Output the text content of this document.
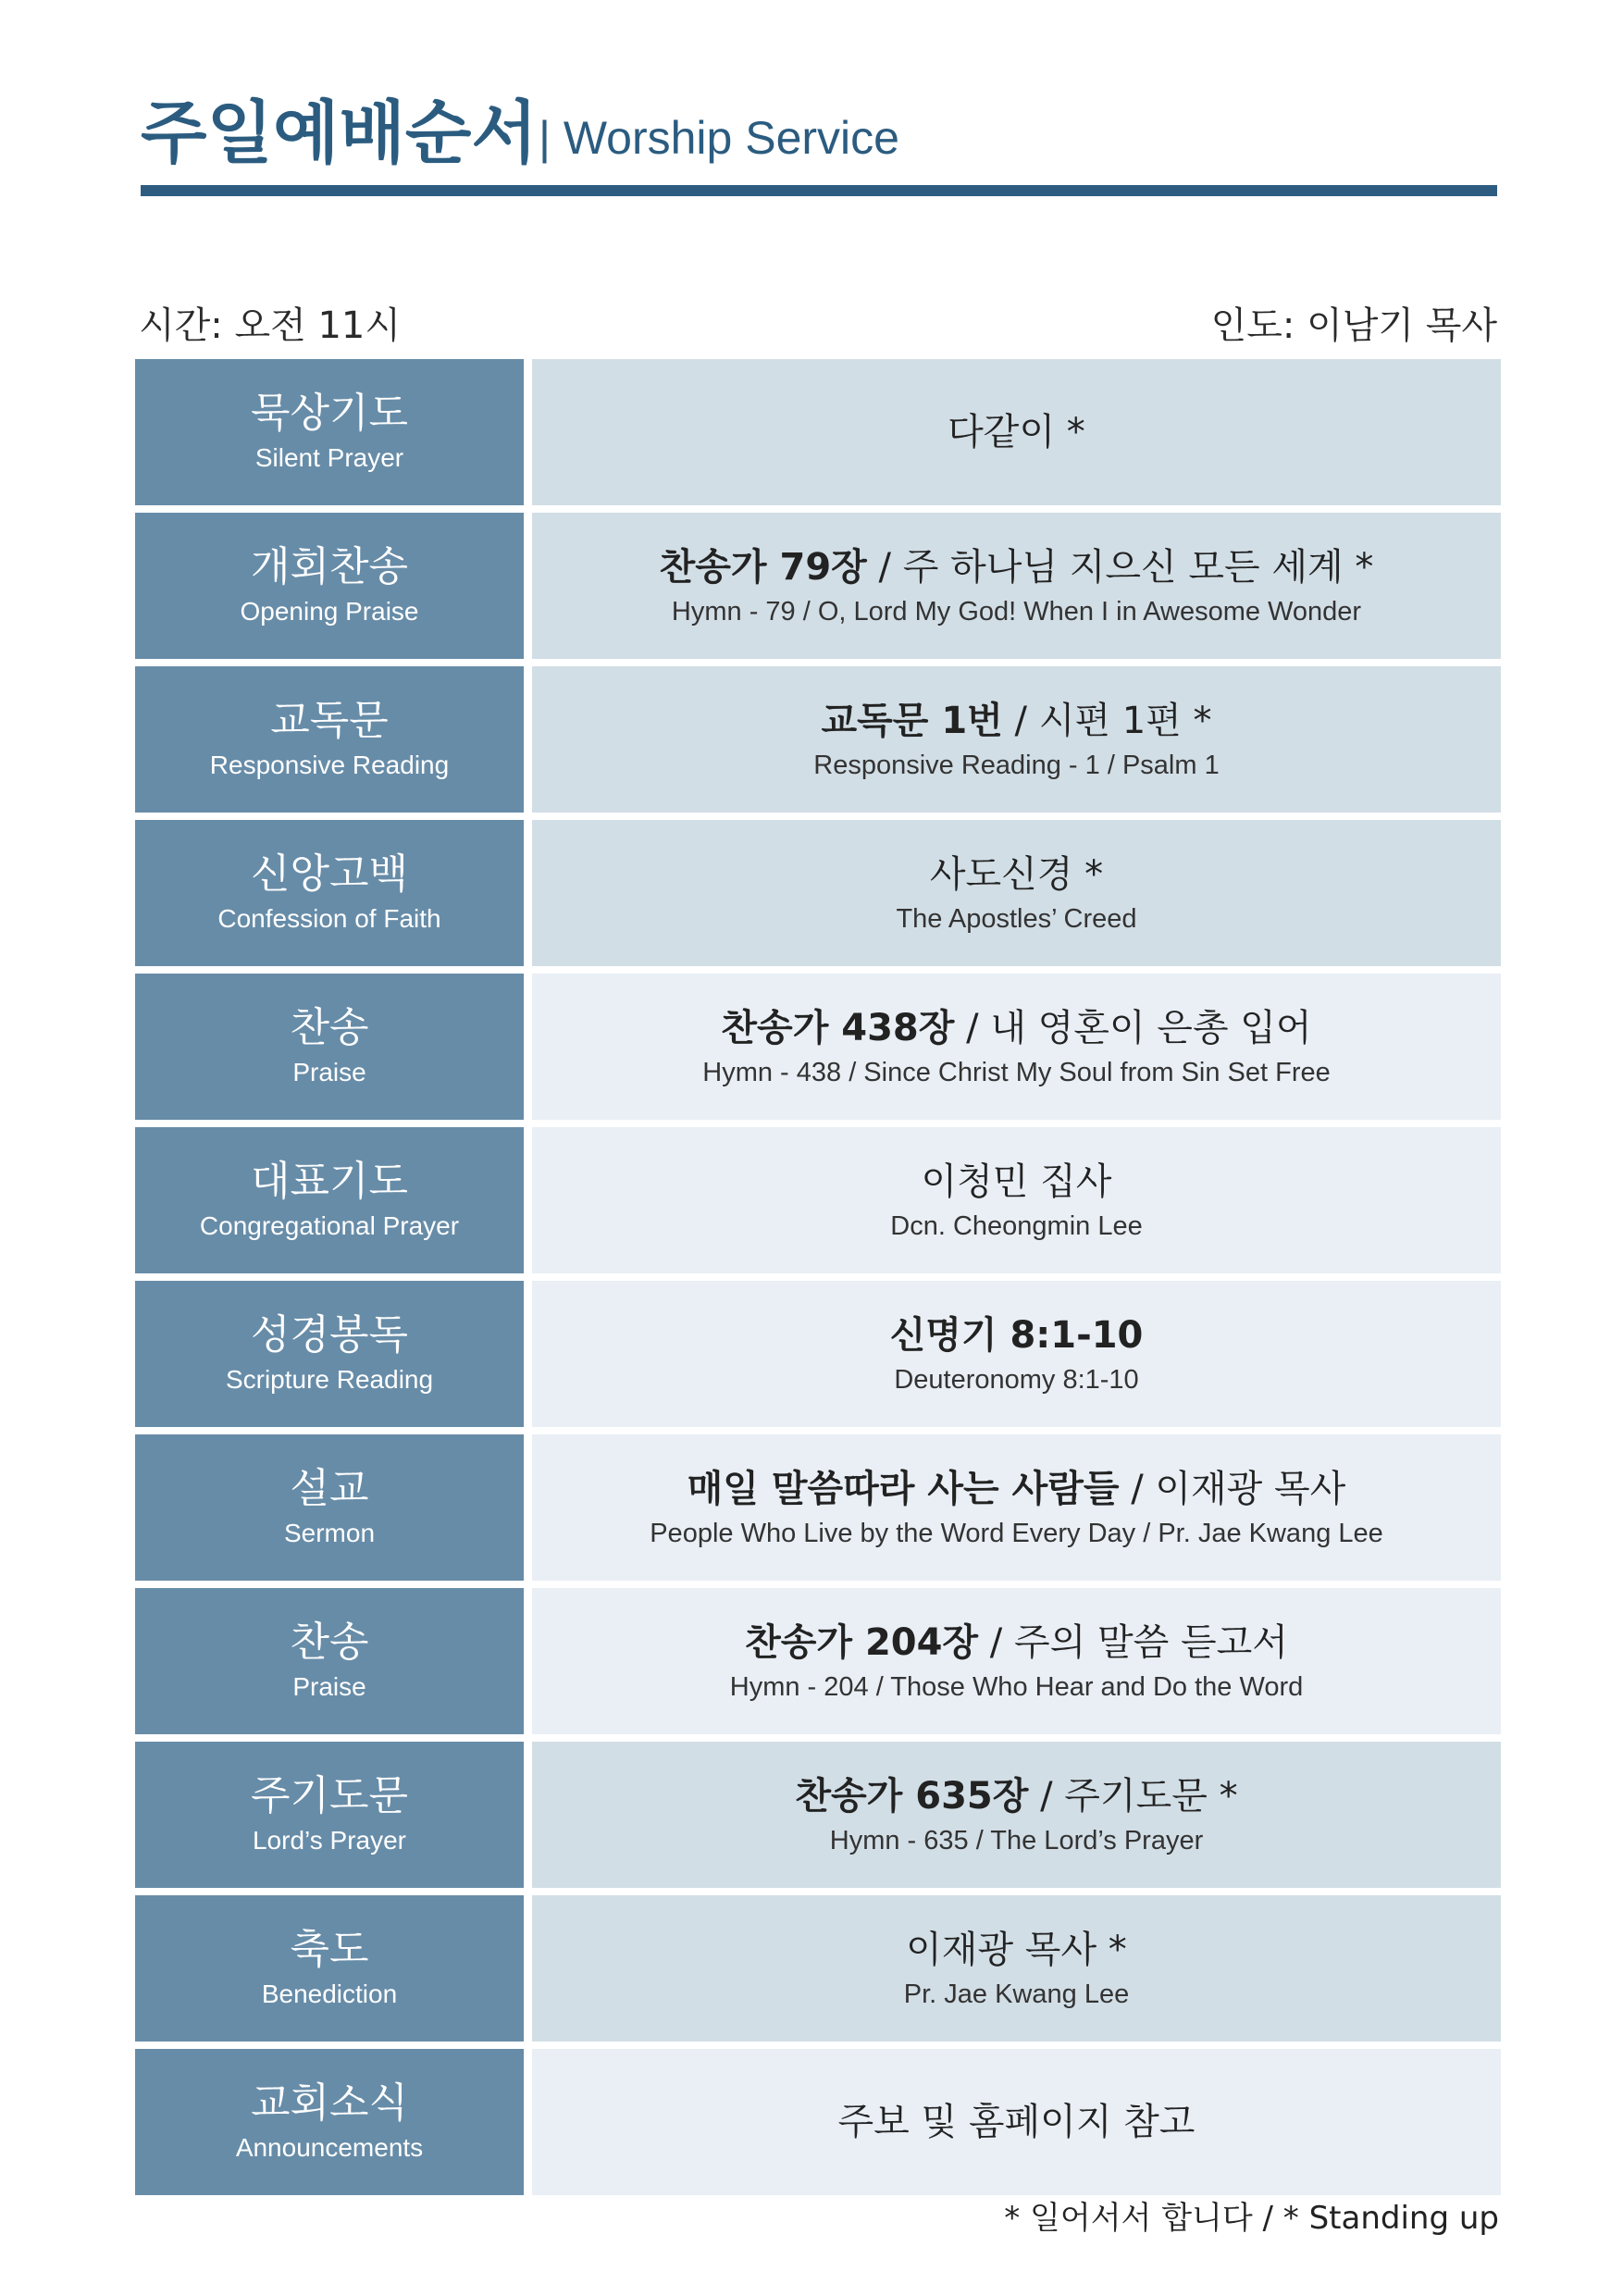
주일예배순서 | Worship Service
시간: 오전 11시	인도: 이남기 목사
묵상기도
Silent Prayer
다같이 *
개회찬송
Opening Praise
찬송가 79장 / 주 하나님 지으신 모든 세계 *
Hymn - 79 / O, Lord My God! When I in Awesome Wonder
교독문
Responsive Reading
교독문 1번 / 시편 1편 *
Responsive Reading - 1 / Psalm 1
신앙고백
Confession of Faith
사도신경 *
The Apostles’ Creed
찬송
Praise
찬송가 438장 / 내 영혼이 은총 입어
Hymn - 438 / Since Christ My Soul from Sin Set Free
대표기도
Congregational Prayer
이청민 집사
Dcn. Cheongmin Lee
성경봉독
Scripture Reading
신명기 8:1-10
Deuteronomy 8:1-10
설교
Sermon
매일 말씀따라 사는 사람들 / 이재광 목사
People Who Live by the Word Every Day / Pr. Jae Kwang Lee
찬송
Praise
찬송가 204장 / 주의 말씀 듣고서
Hymn - 204 / Those Who Hear and Do the Word
주기도문
Lord’s Prayer
찬송가 635장 / 주기도문 *
Hymn - 635 / The Lord’s Prayer
축도
Benediction
이재광 목사 *
Pr. Jae Kwang Lee
교회소식
Announcements
주보 및 홈페이지 참고
* 일어서서 합니다 / * Standing up
